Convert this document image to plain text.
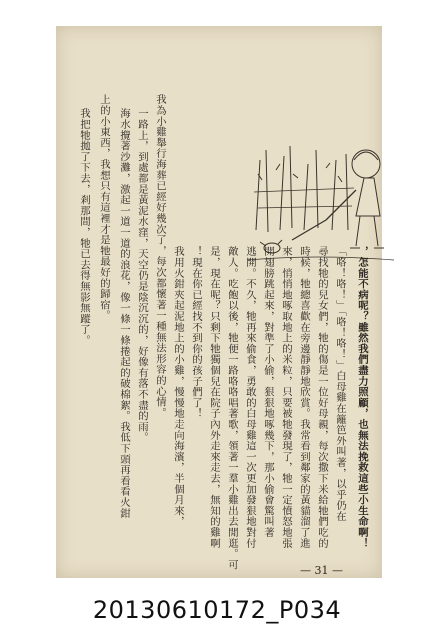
，怎能不病呢？雖然我們盡力照顧，也無法挽救這些小生命啊！
「咯！咯！」「咯！咯！」白母雞在籬笆外叫著，以乎仍在
尋找牠的兒女們，牠的傷是一位好母親，每次撒下米給牠們吃的
時候，牠總喜歡在旁邊靜靜地欣賞。我常看到鄰家的黃貓溜了進
來，悄悄地啄取地上的米粒，只要被牠發現了，牠一定憤怒地張
開翅膀跳起來，對準了小偷，狠狠地啄幾下，那小偷會驚叫著
逃開。不久，牠再來偷食，勇敢的白母雞這一次更加發狠地對付
敵人。吃飽以後，牠便一路咯咯唱著歌，領著一羣小雞出去閒逛。可
是，現在呢？只剩下牠獨個兒在院子內外走來走去，無知的雞啊
！現在你已經找不到你的孩子們了！
我用火鉗夾起泥地上的小雞，慢慢地走向海濱，半個月來，
我為小雞舉行海葬已經好幾次了，每次都懷著一種無法形容的心情。
一路上，到處都是黃泥水窪，天空仍是陰沉沉的，好像有落不盡的雨。
海水攪著沙灘，激起一道一道的浪花，像一條一條捲起的破棉絮。我低下頭再看看火鉗
上的小東西，我想只有這裡才是牠最好的歸宿。
我把牠拋了下去，剎那間，牠已去得無影無蹤了。
— 31 —
20130610172_P034
